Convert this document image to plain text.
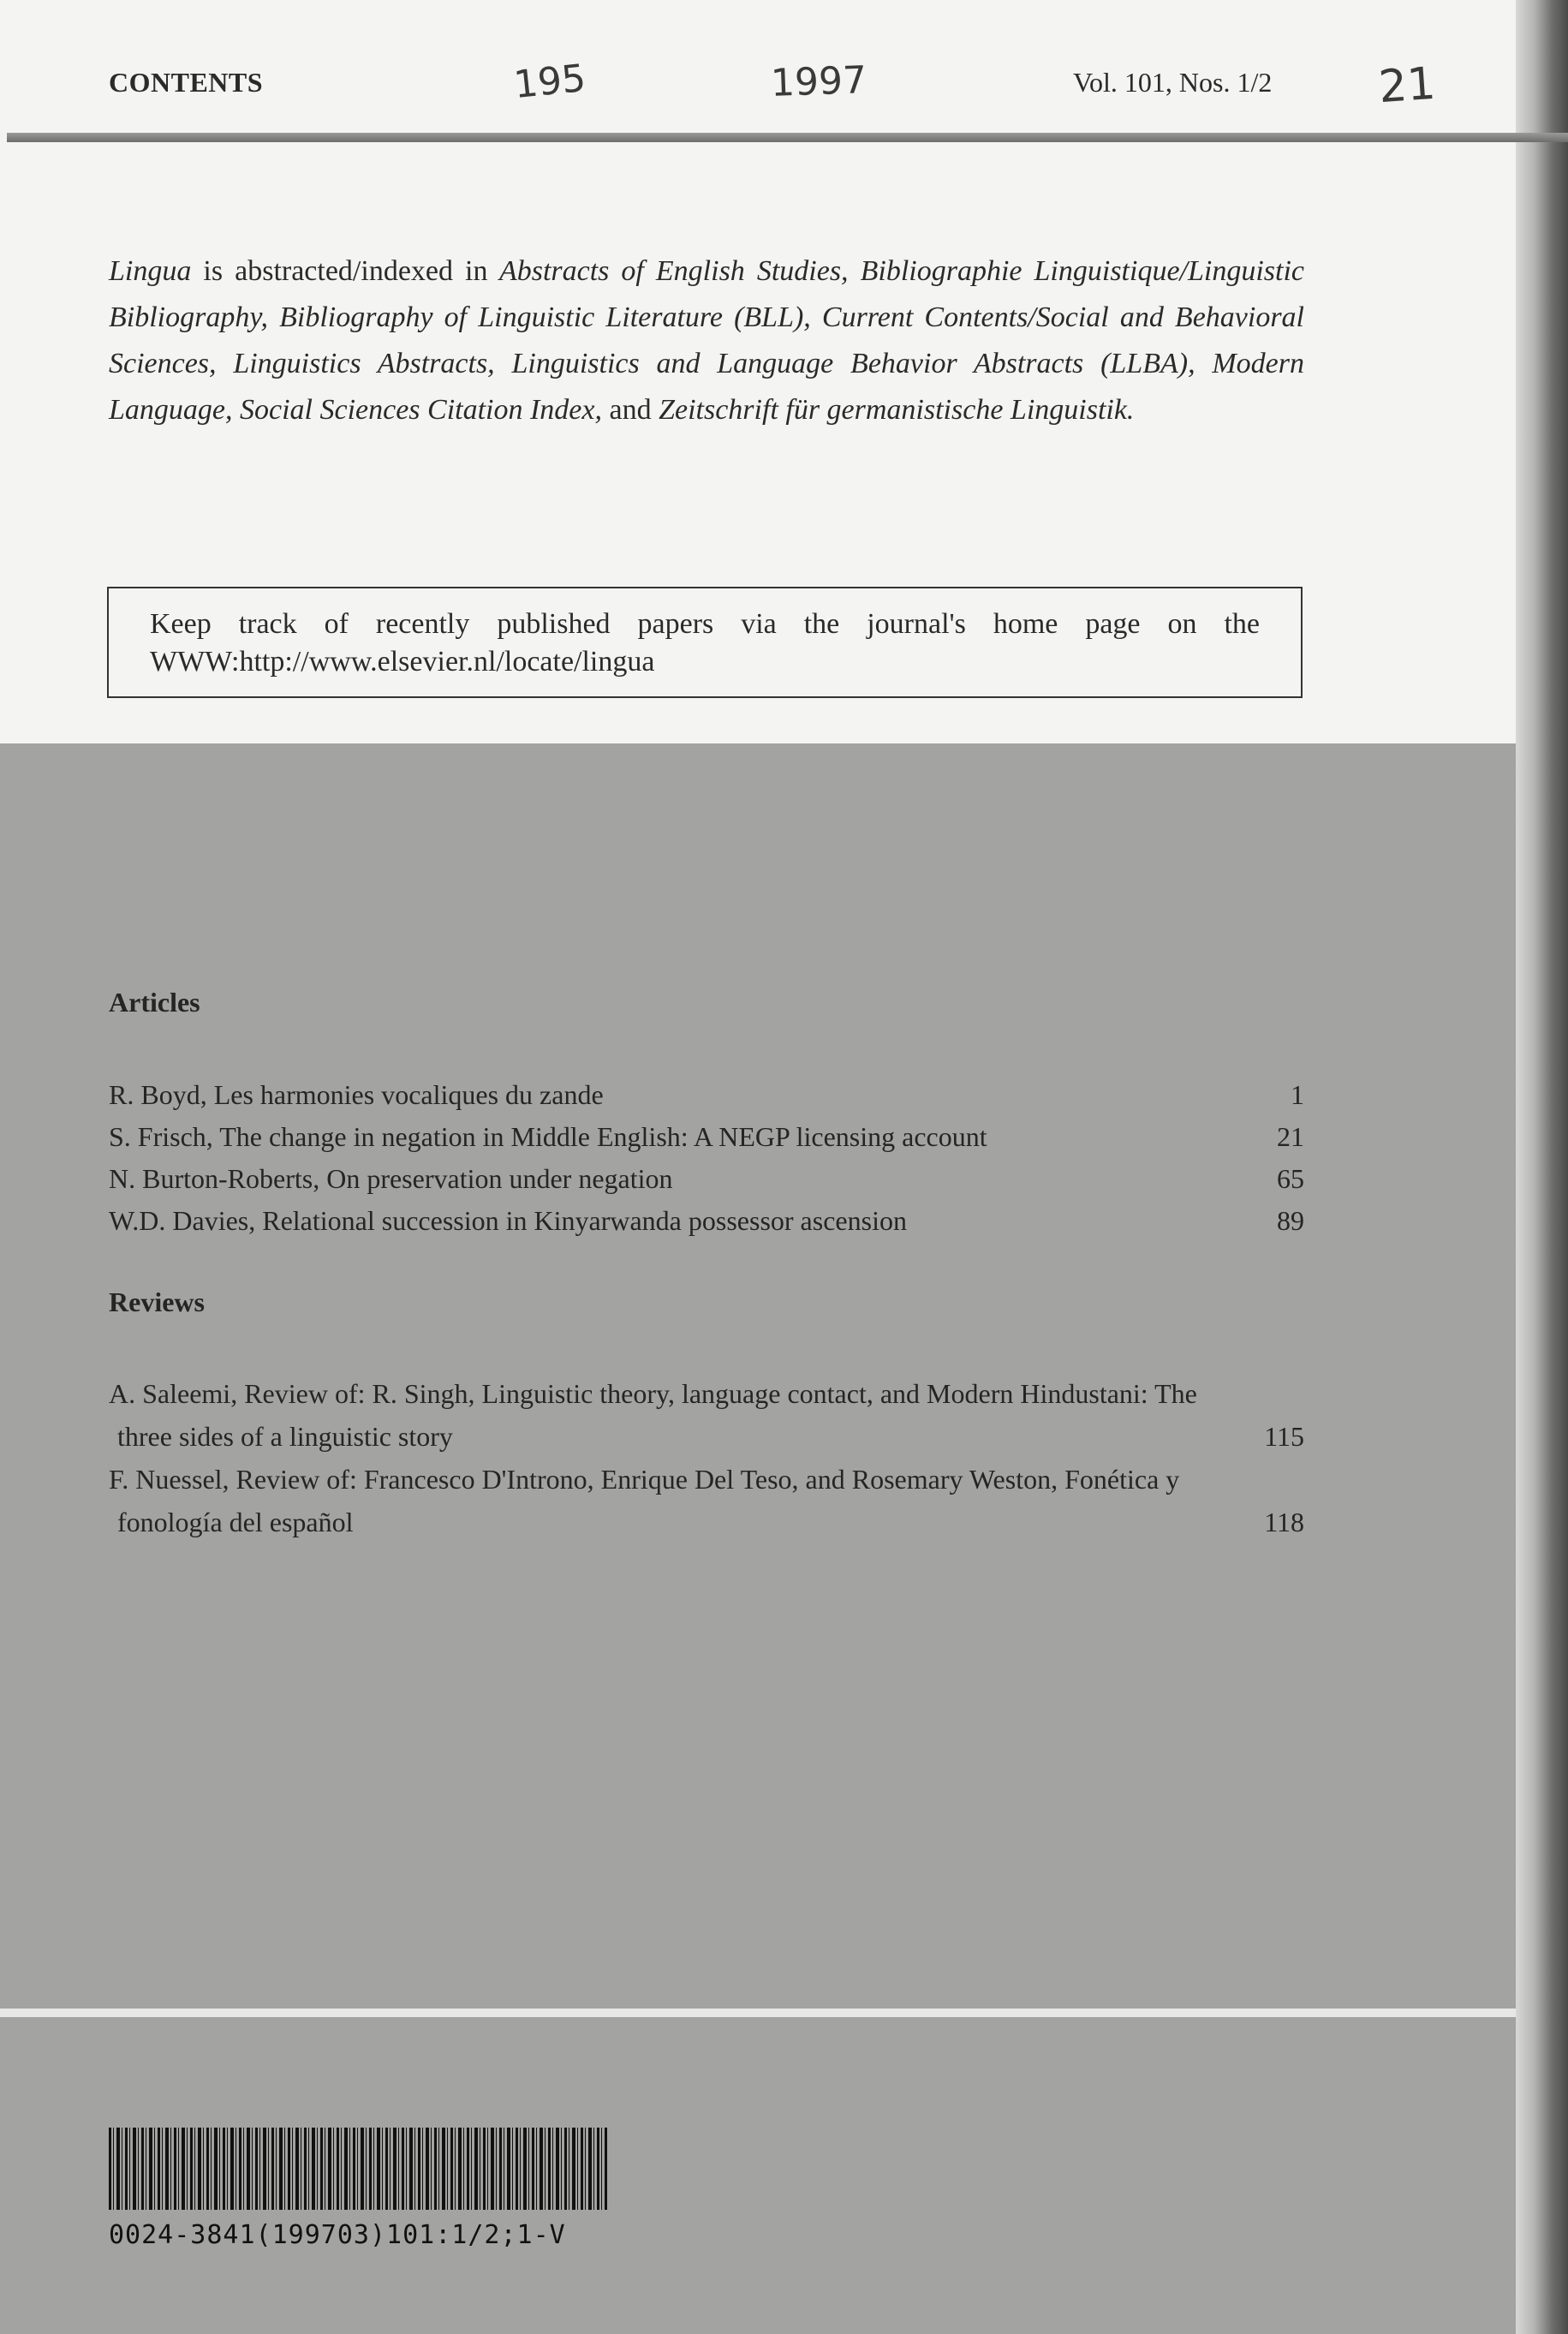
CONTENTS	Vol. 101, Nos. 1/2
195	1997	21
Lingua is abstracted/indexed in Abstracts of English Studies, Bibliographie Linguistique/Linguistic Bibliography, Bibliography of Linguistic Literature (BLL), Current Contents/Social and Behavioral Sciences, Linguistics Abstracts, Linguistics and Language Behavior Abstracts (LLBA), Modern Language, Social Sciences Citation Index, and Zeitschrift für germanistische Linguistik.
Keep track of recently published papers via the journal's home page on the WWW:http://www.elsevier.nl/locate/lingua
Articles
R. Boyd, Les harmonies vocaliques du zande	1
S. Frisch, The change in negation in Middle English: A NEGP licensing account	21
N. Burton-Roberts, On preservation under negation	65
W.D. Davies, Relational succession in Kinyarwanda possessor ascension	89
Reviews
A. Saleemi, Review of: R. Singh, Linguistic theory, language contact, and Modern Hindustani: The three sides of a linguistic story	115
F. Nuessel, Review of: Francesco D'Introno, Enrique Del Teso, and Rosemary Weston, Fonética y fonología del español	118
0024-3841(199703)101:1/2;1-V
